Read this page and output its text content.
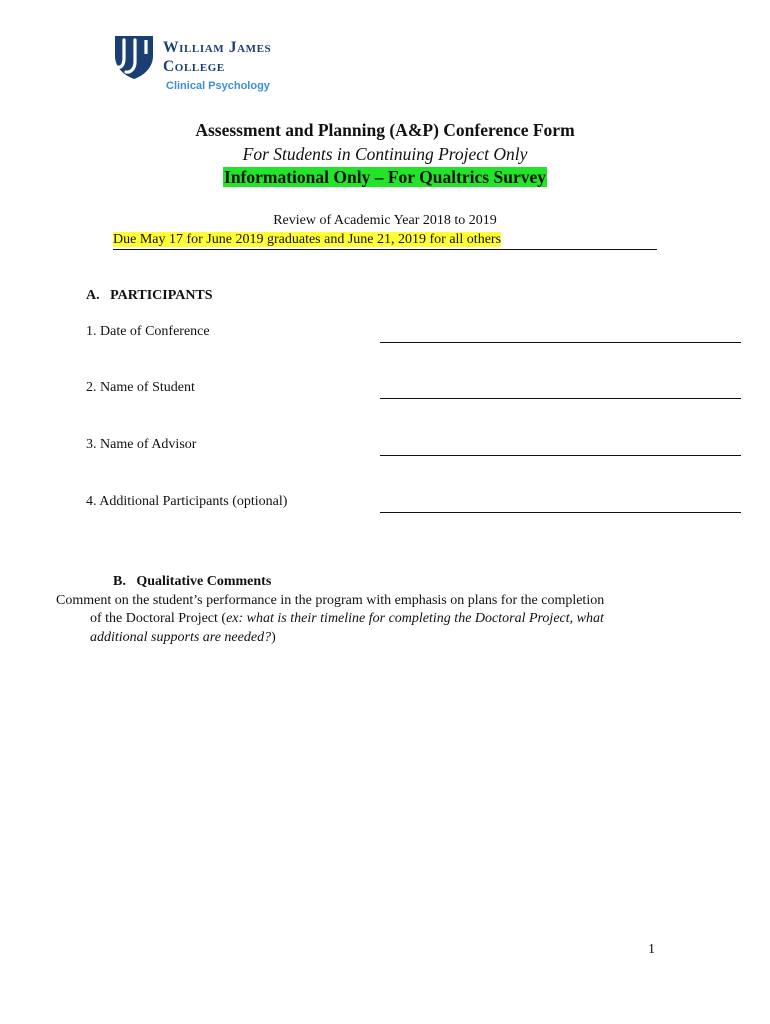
William James
College
Clinical Psychology
Assessment and Planning (A&P) Conference Form
For Students in Continuing Project Only
Informational Only – For Qualtrics Survey
Review of Academic Year 2018 to 2019
Due May 17 for June 2019 graduates and June 21, 2019 for all others
A.   PARTICIPANTS
1. Date of Conference
2. Name of Student
3. Name of Advisor
4. Additional Participants (optional)
B.   Qualitative Comments
Comment on the student’s performance in the program with emphasis on plans for the completion
of the Doctoral Project (ex: what is their timeline for completing the Doctoral Project, what
additional supports are needed?)
1
